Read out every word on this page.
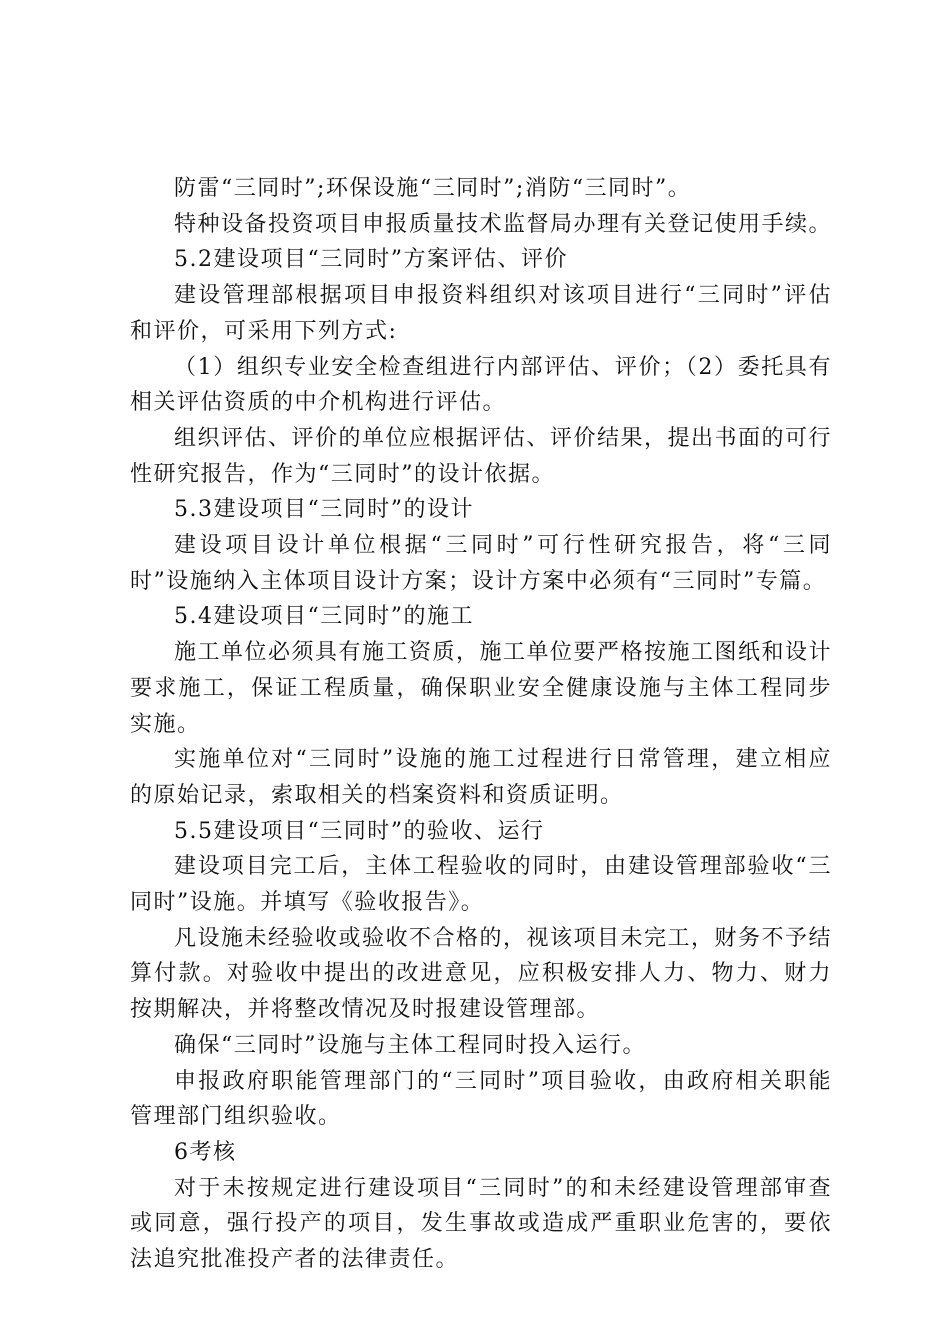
防雷“三同时”;环保设施“三同时”;消防“三同时”。

特种设备投资项目申报质量技术监督局办理有关登记使用手续。

5.2建设项目“三同时”方案评估、评价

建设管理部根据项目申报资料组织对该项目进行“三同时”评估和评价，可采用下列方式:

（1）组织专业安全检查组进行内部评估、评价；（2）委托具有相关评估资质的中介机构进行评估。

组织评估、评价的单位应根据评估、评价结果，提出书面的可行性研究报告，作为“三同时”的设计依据。

5.3建设项目“三同时”的设计

建设项目设计单位根据“三同时”可行性研究报告，将“三同时”设施纳入主体项目设计方案；设计方案中必须有“三同时”专篇。

5.4建设项目“三同时”的施工

施工单位必须具有施工资质，施工单位要严格按施工图纸和设计要求施工，保证工程质量，确保职业安全健康设施与主体工程同步实施。

实施单位对“三同时”设施的施工过程进行日常管理，建立相应的原始记录，索取相关的档案资料和资质证明。

5.5建设项目“三同时”的验收、运行

建设项目完工后，主体工程验收的同时，由建设管理部验收“三同时”设施。并填写《验收报告》。

凡设施未经验收或验收不合格的，视该项目未完工，财务不予结算付款。对验收中提出的改进意见，应积极安排人力、物力、财力按期解决，并将整改情况及时报建设管理部。

确保“三同时”设施与主体工程同时投入运行。

申报政府职能管理部门的“三同时”项目验收，由政府相关职能管理部门组织验收。

6考核

对于未按规定进行建设项目“三同时”的和未经建设管理部审查或同意，强行投产的项目，发生事故或造成严重职业危害的，要依法追究批准投产者的法律责任。
